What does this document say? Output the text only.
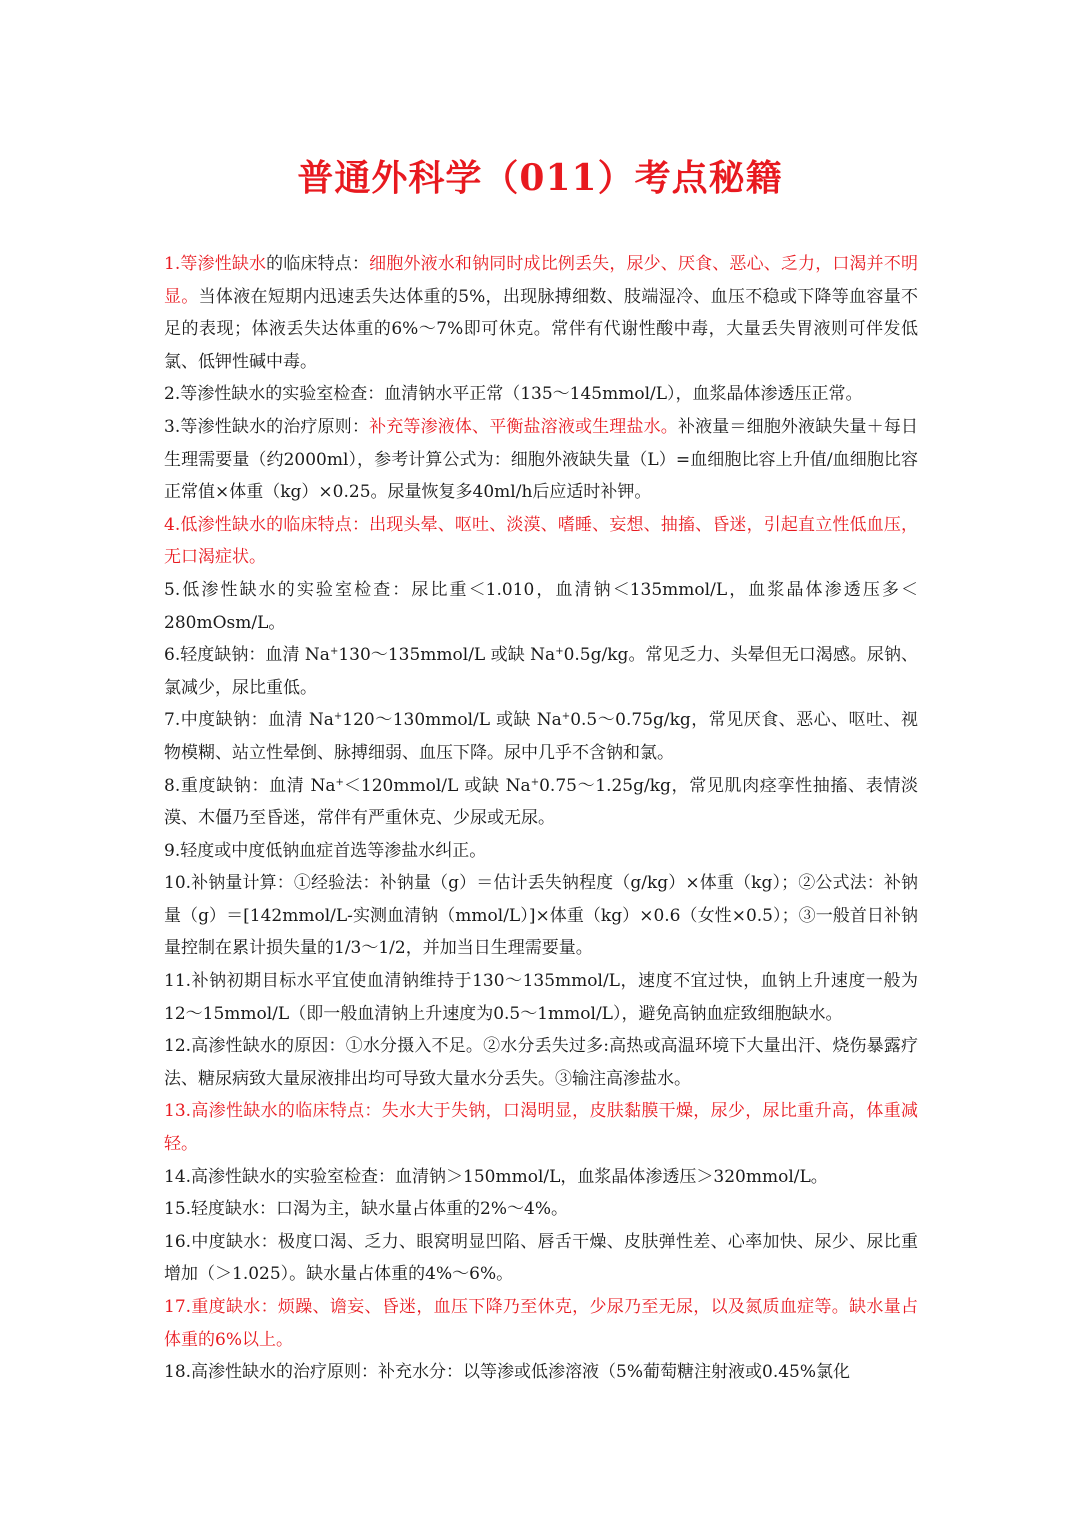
普通外科学（011）考点秘籍

1.等渗性缺水的临床特点：细胞外液水和钠同时成比例丢失，尿少、厌食、恶心、乏力，口渴并不明显。当体液在短期内迅速丢失达体重的5%，出现脉搏细数、肢端湿冷、血压不稳或下降等血容量不足的表现；体液丢失达体重的6%～7%即可休克。常伴有代谢性酸中毒，大量丢失胃液则可伴发低氯、低钾性碱中毒。

2.等渗性缺水的实验室检查：血清钠水平正常（135～145mmol/L），血浆晶体渗透压正常。

3.等渗性缺水的治疗原则：补充等渗液体、平衡盐溶液或生理盐水。补液量＝细胞外液缺失量＋每日生理需要量（约2000ml），参考计算公式为：细胞外液缺失量（L）=血细胞比容上升值/血细胞比容正常值×体重（kg）×0.25。尿量恢复多40ml/h后应适时补钾。

4.低渗性缺水的临床特点：出现头晕、呕吐、淡漠、嗜睡、妄想、抽搐、昏迷，引起直立性低血压，无口渴症状。

5.低渗性缺水的实验室检查：尿比重＜1.010，血清钠＜135mmol/L，血浆晶体渗透压多＜280mOsm/L。

6.轻度缺钠：血清 Na+130～135mmol/L 或缺 Na+0.5g/kg。常见乏力、头晕但无口渴感。尿钠、氯减少，尿比重低。

7.中度缺钠：血清 Na+120～130mmol/L 或缺 Na+0.5～0.75g/kg，常见厌食、恶心、呕吐、视物模糊、站立性晕倒、脉搏细弱、血压下降。尿中几乎不含钠和氯。

8.重度缺钠：血清 Na+＜120mmol/L 或缺 Na+0.75～1.25g/kg，常见肌肉痉挛性抽搐、表情淡漠、木僵乃至昏迷，常伴有严重休克、少尿或无尿。

9.轻度或中度低钠血症首选等渗盐水纠正。

10.补钠量计算：①经验法：补钠量（g）＝估计丢失钠程度（g/kg）×体重（kg）；②公式法：补钠量（g）＝[142mmol/L-实测血清钠（mmol/L）]×体重（kg）×0.6（女性×0.5）；③一般首日补钠量控制在累计损失量的1/3～1/2，并加当日生理需要量。

11.补钠初期目标水平宜使血清钠维持于130～135mmol/L，速度不宜过快，血钠上升速度一般为12～15mmol/L（即一般血清钠上升速度为0.5～1mmol/L），避免高钠血症致细胞缺水。

12.高渗性缺水的原因：①水分摄入不足。②水分丢失过多:高热或高温环境下大量出汗、烧伤暴露疗法、糖尿病致大量尿液排出均可导致大量水分丢失。③输注高渗盐水。

13.高渗性缺水的临床特点：失水大于失钠，口渴明显，皮肤黏膜干燥，尿少，尿比重升高，体重减轻。

14.高渗性缺水的实验室检查：血清钠＞150mmol/L，血浆晶体渗透压＞320mmol/L。

15.轻度缺水：口渴为主，缺水量占体重的2%～4%。

16.中度缺水：极度口渴、乏力、眼窝明显凹陷、唇舌干燥、皮肤弹性差、心率加快、尿少、尿比重增加（＞1.025）。缺水量占体重的4%～6%。

17.重度缺水：烦躁、谵妄、昏迷，血压下降乃至休克，少尿乃至无尿，以及氮质血症等。缺水量占体重的6%以上。

18.高渗性缺水的治疗原则：补充水分：以等渗或低渗溶液（5%葡萄糖注射液或0.45%氯化
